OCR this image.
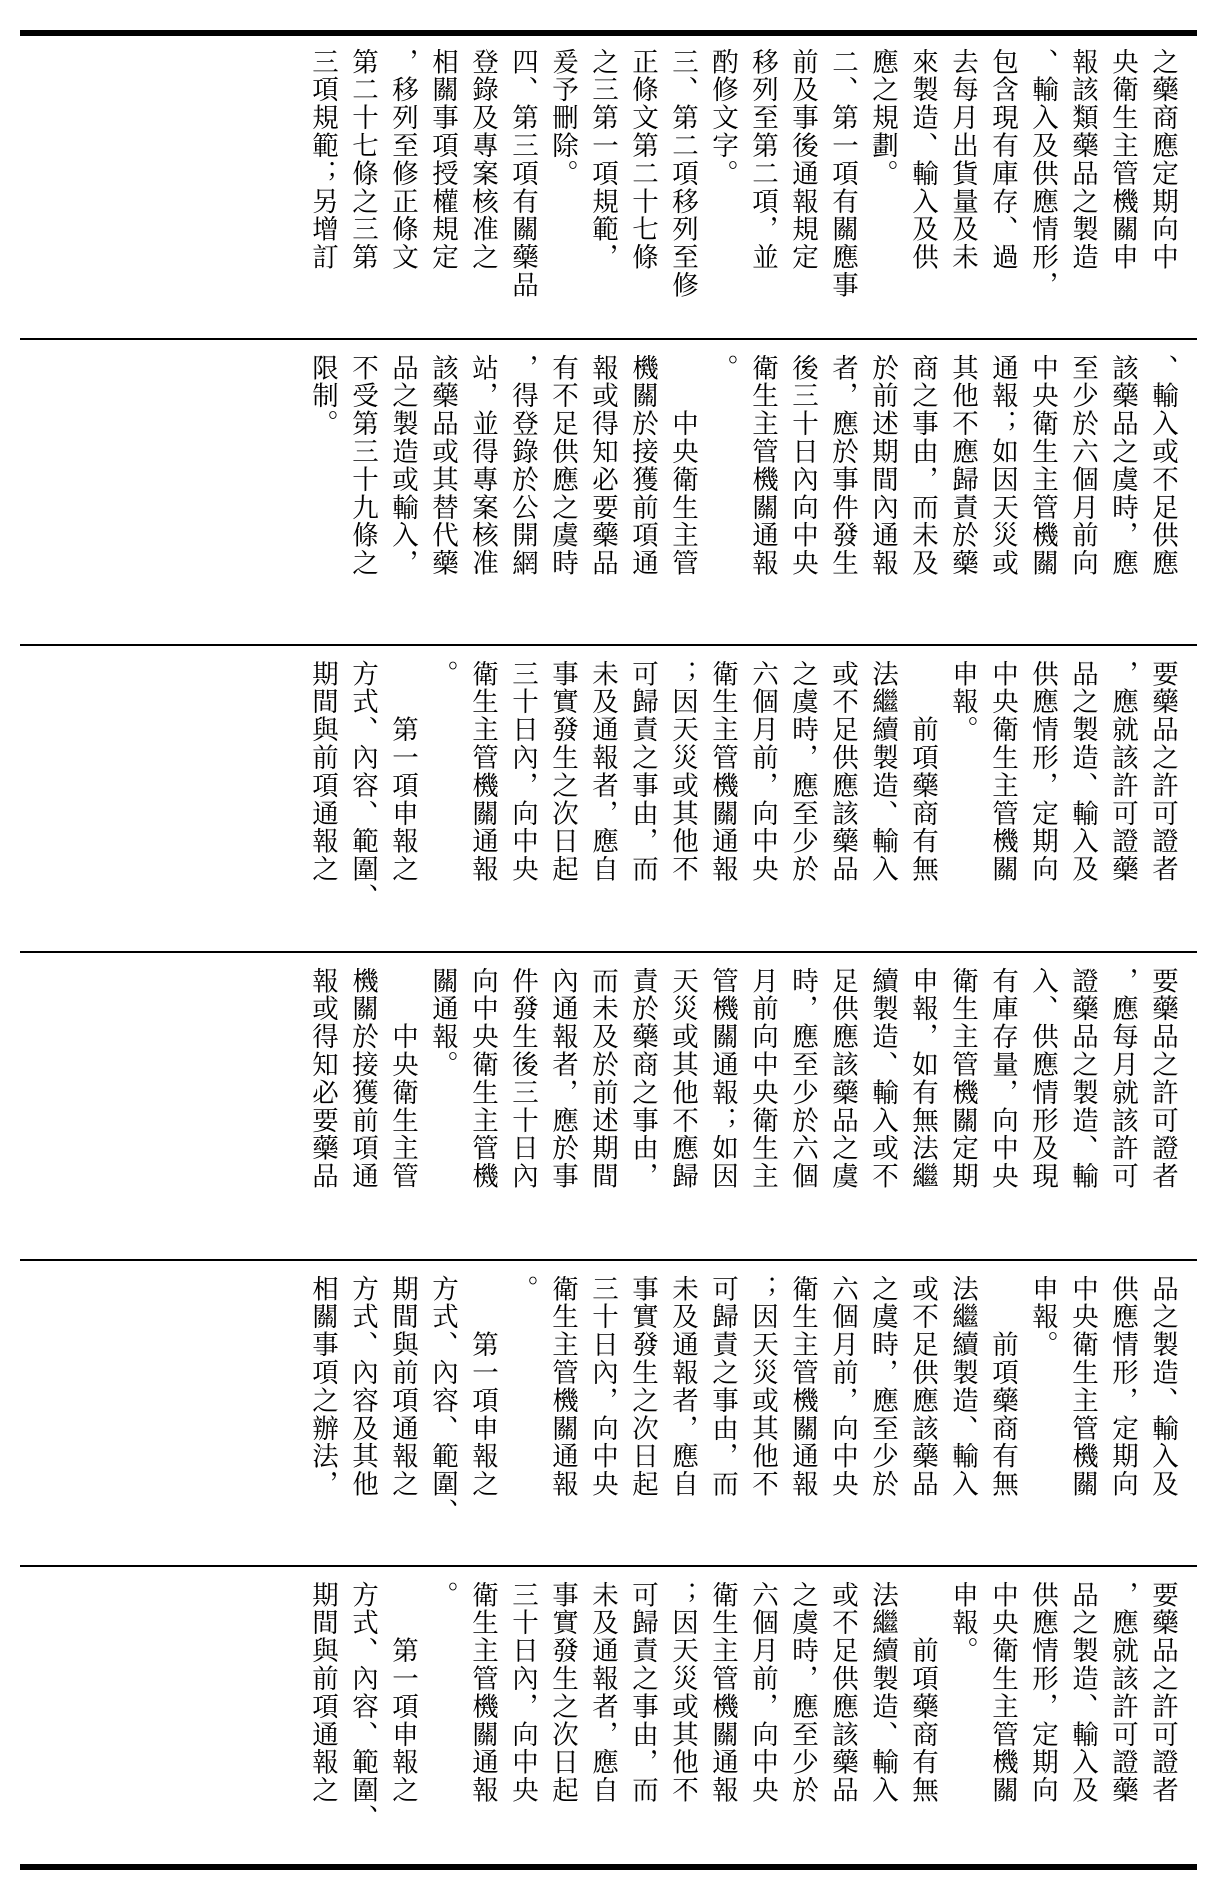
之藥商應定期向中
央衛生主管機關申
報該類藥品之製造
、輸入及供應情形，
包含現有庫存、過
去每月出貨量及未
來製造、輸入及供
應之規劃。
二、第一項有關應事
前及事後通報規定
移列至第二項，並
酌修文字。
三、第二項移列至修
正條文第二十七條
之三第一項規範，
爰予刪除。
四、第三項有關藥品
登錄及專案核准之
相關事項授權規定
，移列至修正條文
第二十七條之三第
三項規範；另增訂
、輸入或不足供應
該藥品之虞時，應
至少於六個月前向
中央衛生主管機關
通報；如因天災或
其他不應歸責於藥
商之事由，而未及
於前述期間內通報
者，應於事件發生
後三十日內向中央
衛生主管機關通報
。
　　中央衛生主管
機關於接獲前項通
報或得知必要藥品
有不足供應之虞時
，得登錄於公開網
站，並得專案核准
該藥品或其替代藥
品之製造或輸入，
不受第三十九條之
限制。
要藥品之許可證者
，應就該許可證藥
品之製造、輸入及
供應情形，定期向
中央衛生主管機關
申報。
　　前項藥商有無
法繼續製造、輸入
或不足供應該藥品
之虞時，應至少於
六個月前，向中央
衛生主管機關通報
；因天災或其他不
可歸責之事由，而
未及通報者，應自
事實發生之次日起
三十日內，向中央
衛生主管機關通報
。
　　第一項申報之
方式、內容、範圍、
期間與前項通報之
要藥品之許可證者
，應每月就該許可
證藥品之製造、輸
入、供應情形及現
有庫存量，向中央
衛生主管機關定期
申報，如有無法繼
續製造、輸入或不
足供應該藥品之虞
時，應至少於六個
月前向中央衛生主
管機關通報；如因
天災或其他不應歸
責於藥商之事由，
而未及於前述期間
內通報者，應於事
件發生後三十日內
向中央衛生主管機
關通報。
　　中央衛生主管
機關於接獲前項通
報或得知必要藥品
品之製造、輸入及
供應情形，定期向
中央衛生主管機關
申報。
　　前項藥商有無
法繼續製造、輸入
或不足供應該藥品
之虞時，應至少於
六個月前，向中央
衛生主管機關通報
；因天災或其他不
可歸責之事由，而
未及通報者，應自
事實發生之次日起
三十日內，向中央
衛生主管機關通報
。
　　第一項申報之
方式、內容、範圍、
期間與前項通報之
方式、內容及其他
相關事項之辦法，
要藥品之許可證者
，應就該許可證藥
品之製造、輸入及
供應情形，定期向
中央衛生主管機關
申報。
　　前項藥商有無
法繼續製造、輸入
或不足供應該藥品
之虞時，應至少於
六個月前，向中央
衛生主管機關通報
；因天災或其他不
可歸責之事由，而
未及通報者，應自
事實發生之次日起
三十日內，向中央
衛生主管機關通報
。
　　第一項申報之
方式、內容、範圍、
期間與前項通報之
